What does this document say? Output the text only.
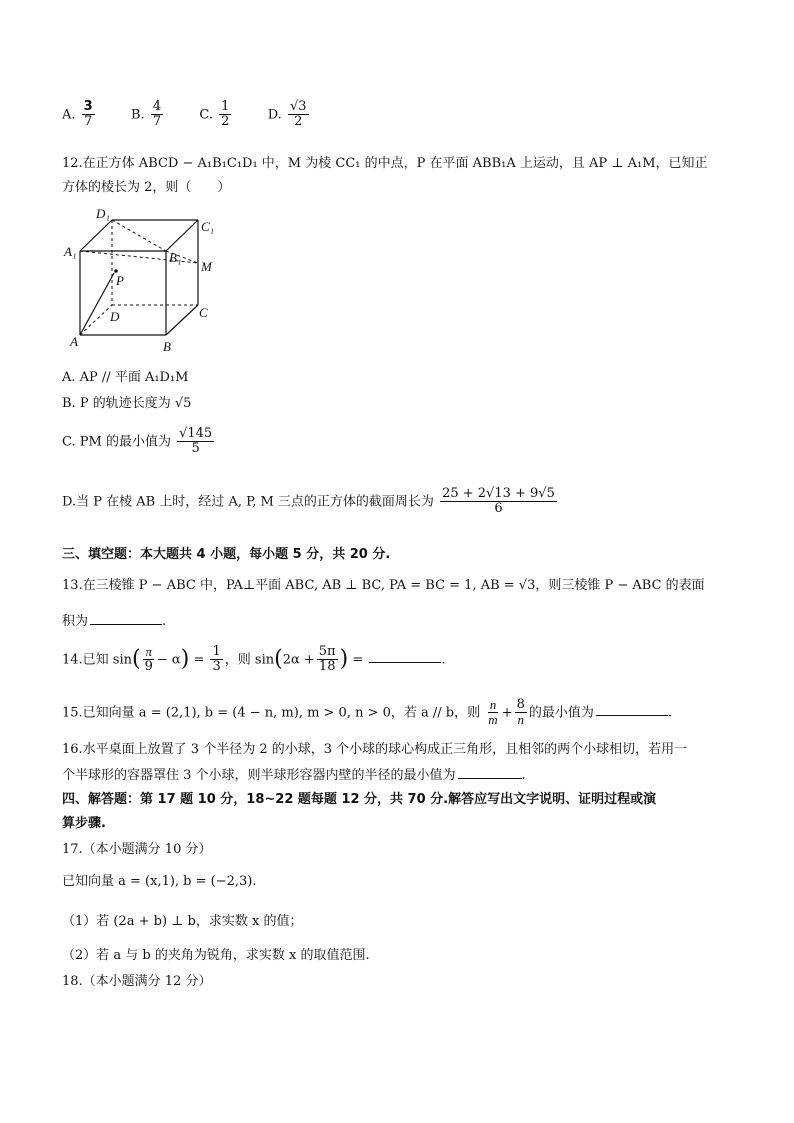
A. $\frac{3}{7}$	B. $\frac{4}{7}$	C. $\frac{1}{2}$	D. $\frac{√3}{2}$
12.在正方体 ABCD − A₁B₁C₁D₁ 中，M 为棱 CC₁ 的中点，P 在平面 ABB₁A 上运动，且 AP ⊥ A₁M，已知正
方体的棱长为 2，则（　　）
D₁
C₁
A₁	B₁
M
P
D	C
A	B
A. AP // 平面 A₁D₁M
B. P 的轨迹长度为 √5
C. PM 的最小值为 $\frac{√145}{5}$
D.当 P 在棱 AB 上时，经过 A, P, M 三点的正方体的截面周长为 $\frac{25 + 2√13 + 9√5}{6}$
三、填空题：本大题共 4 小题，每小题 5 分，共 20 分.
13.在三棱锥 P − ABC 中，PA⊥平面 ABC, AB ⊥ BC, PA = BC = 1, AB = √3，则三棱锥 P − ABC 的表面
积为	.
14.已知 $\sin( \frac{\pi}{9} - \alpha) = \frac{1}{3}$ ，则 $\sin(2\alpha + \frac{5\pi}{18}$ ) =	.
15.已知向量 a = (2,1), b = (4 − n, m), m > 0, n > 0，若 a // b，则 $\frac{n}{m} + \frac{8}{n}$ 的最小值为	.
16.水平桌面上放置了 3 个半径为 2 的小球，3 个小球的球心构成正三角形，且相邻的两个小球相切，若用一
个半球形的容器罩住 3 个小球，则半球形容器内壁的半径的最小值为	.
四、解答题：第 17 题 10 分，18~22 题每题 12 分，共 70 分.解答应写出文字说明、证明过程或演
算步骤.
17.（本小题满分 10 分）
已知向量 a = (x,1), b = (−2,3).
（1）若 (2a + b) ⊥ b，求实数 x 的值；
（2）若 a 与 b 的夹角为锐角，求实数 x 的取值范围.
18.（本小题满分 12 分）
